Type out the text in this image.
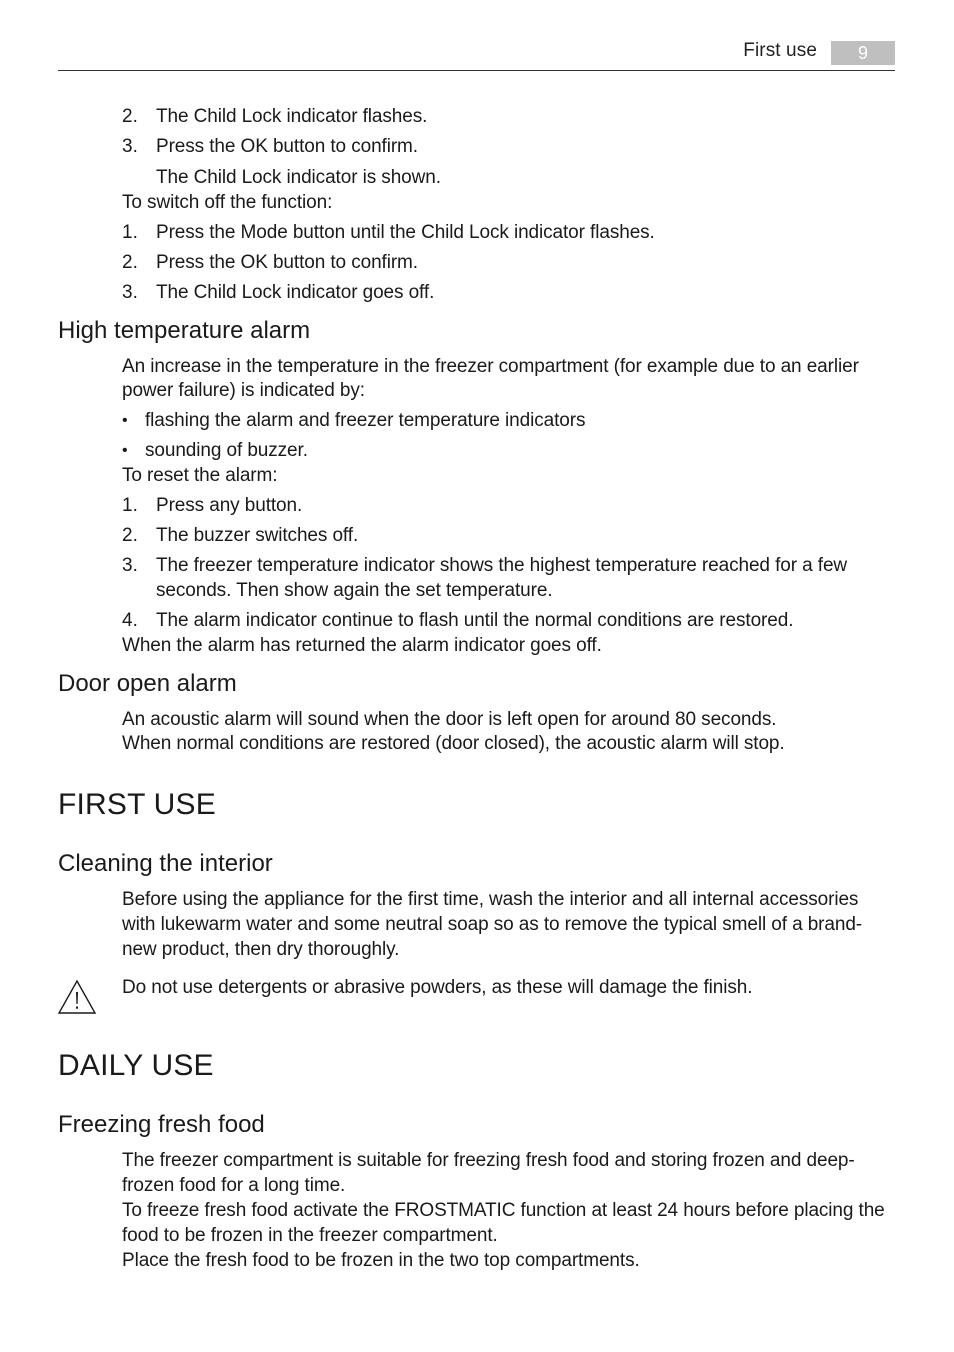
First use	9
2. The Child Lock indicator flashes.
3. Press the OK button to confirm.
The Child Lock indicator is shown.
To switch off the function:
1. Press the Mode button until the Child Lock indicator flashes.
2. Press the OK button to confirm.
3. The Child Lock indicator goes off.
High temperature alarm
An increase in the temperature in the freezer compartment (for example due to an earlier
power failure) is indicated by:
• flashing the alarm and freezer temperature indicators
• sounding of buzzer.
To reset the alarm:
1. Press any button.
2. The buzzer switches off.
3. The freezer temperature indicator shows the highest temperature reached for a few
seconds. Then show again the set temperature.
4. The alarm indicator continue to flash until the normal conditions are restored.
When the alarm has returned the alarm indicator goes off.
Door open alarm
An acoustic alarm will sound when the door is left open for around 80 seconds.
When normal conditions are restored (door closed), the acoustic alarm will stop.
FIRST USE
Cleaning the interior
Before using the appliance for the first time, wash the interior and all internal accessories
with lukewarm water and some neutral soap so as to remove the typical smell of a brand-
new product, then dry thoroughly.
Do not use detergents or abrasive powders, as these will damage the finish.
DAILY USE
Freezing fresh food
The freezer compartment is suitable for freezing fresh food and storing frozen and deep-
frozen food for a long time.
To freeze fresh food activate the FROSTMATIC function at least 24 hours before placing the
food to be frozen in the freezer compartment.
Place the fresh food to be frozen in the two top compartments.
